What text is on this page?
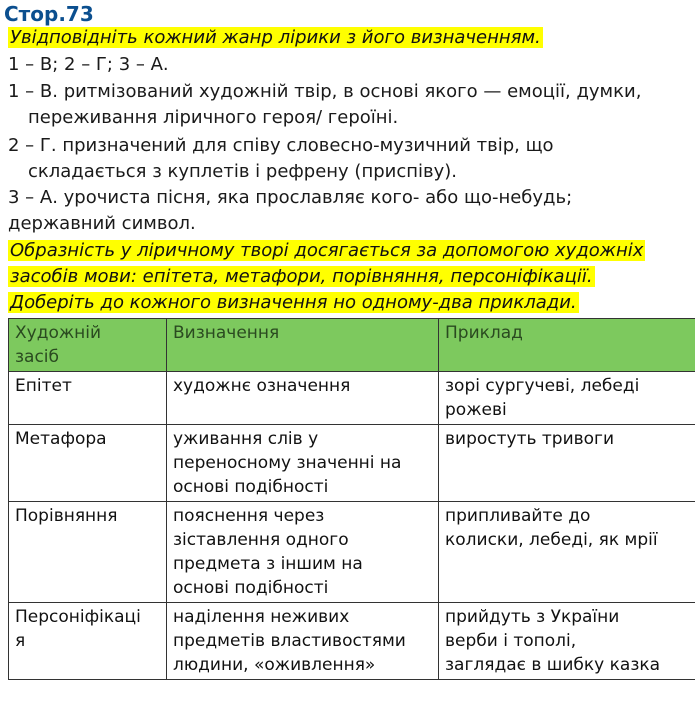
Стор.73
Увідповідніть кожний жанр лірики з його визначенням.
1 – В; 2 – Г; 3 – А.
1 – В. ритмізований художній твір, в основі якого — емоції, думки,
переживання ліричного героя/ героїні.
2 – Г. призначений для співу словесно-музичний твір, що
складається з куплетів і рефрену (приспіву).
3 – А. урочиста пісня, яка прославляє кого- або що-небудь;
державний символ.
Образність у ліричному творі досягається за допомогою художніх
засобів мови: епітета, метафори, порівняння, персоніфікації.
Доберіть до кожного визначення но одному-два приклади.
Художній
засіб	Визначення	Приклад

Епітет	художнє означення	зорі сургучеві, лебеді
рожеві

Метафора	уживання слів у
переносному значенні на
основі подібності	виростуть тривоги

Порівняння	пояснення через
зіставлення одного
предмета з іншим на
основі подібності	припливайте до
колиски, лебеді, як мрії

Персоніфікаці
я	наділення неживих
предметів властивостями
людини, «оживлення»	прийдуть з України
верби і тополі,
заглядає в шибку казка
